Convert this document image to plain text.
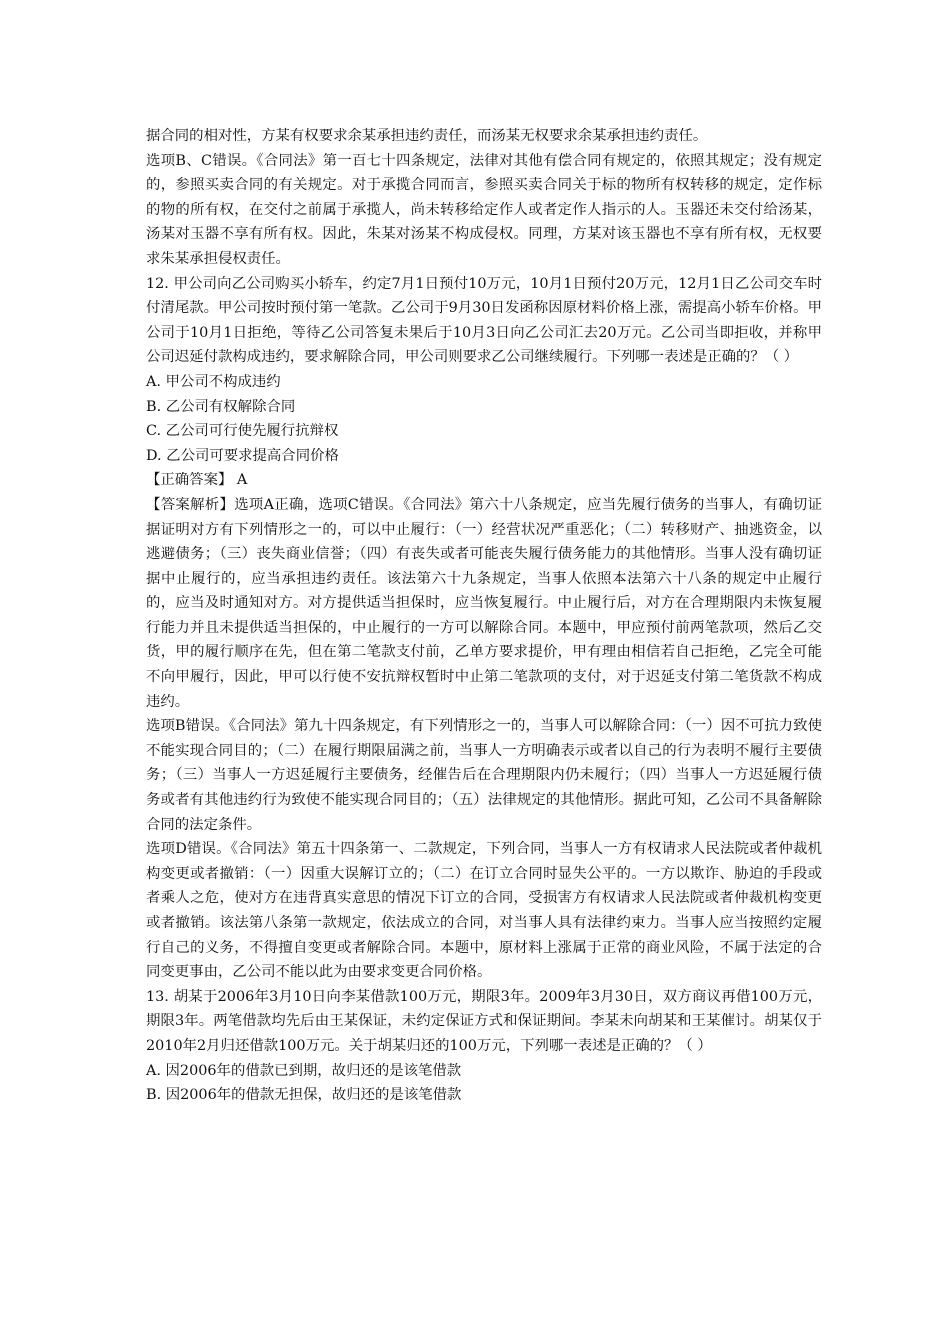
据合同的相对性，方某有权要求余某承担违约责任，而汤某无权要求余某承担违约责任。

选项B、C错误。《合同法》第一百七十四条规定，法律对其他有偿合同有规定的，依照其规定；没有规定的，参照买卖合同的有关规定。对于承揽合同而言，参照买卖合同关于标的物所有权转移的规定，定作标的物的所有权，在交付之前属于承揽人，尚未转移给定作人或者定作人指示的人。玉器还未交付给汤某，汤某对玉器不享有所有权。因此，朱某对汤某不构成侵权。同理，方某对该玉器也不享有所有权，无权要求朱某承担侵权责任。

12. 甲公司向乙公司购买小轿车，约定7月1日预付10万元，10月1日预付20万元，12月1日乙公司交车时付清尾款。甲公司按时预付第一笔款。乙公司于9月30日发函称因原材料价格上涨，需提高小轿车价格。甲公司于10月1日拒绝，等待乙公司答复未果后于10月3日向乙公司汇去20万元。乙公司当即拒收，并称甲公司迟延付款构成违约，要求解除合同，甲公司则要求乙公司继续履行。下列哪一表述是正确的？（ ）

A. 甲公司不构成违约

B. 乙公司有权解除合同

C. 乙公司可行使先履行抗辩权

D. 乙公司可要求提高合同价格

【正确答案】 A

【答案解析】选项A正确，选项C错误。《合同法》第六十八条规定，应当先履行债务的当事人，有确切证据证明对方有下列情形之一的，可以中止履行：（一）经营状况严重恶化；（二）转移财产、抽逃资金，以逃避债务；（三）丧失商业信誉；（四）有丧失或者可能丧失履行债务能力的其他情形。当事人没有确切证据中止履行的，应当承担违约责任。该法第六十九条规定，当事人依照本法第六十八条的规定中止履行的，应当及时通知对方。对方提供适当担保时，应当恢复履行。中止履行后，对方在合理期限内未恢复履行能力并且未提供适当担保的，中止履行的一方可以解除合同。本题中，甲应预付前两笔款项，然后乙交货，甲的履行顺序在先，但在第二笔款支付前，乙单方要求提价，甲有理由相信若自己拒绝，乙完全可能不向甲履行，因此，甲可以行使不安抗辩权暂时中止第二笔款项的支付，对于迟延支付第二笔货款不构成违约。

选项B错误。《合同法》第九十四条规定，有下列情形之一的，当事人可以解除合同：（一）因不可抗力致使不能实现合同目的；（二）在履行期限届满之前，当事人一方明确表示或者以自己的行为表明不履行主要债务；（三）当事人一方迟延履行主要债务，经催告后在合理期限内仍未履行；（四）当事人一方迟延履行债务或者有其他违约行为致使不能实现合同目的；（五）法律规定的其他情形。据此可知，乙公司不具备解除合同的法定条件。

选项D错误。《合同法》第五十四条第一、二款规定，下列合同，当事人一方有权请求人民法院或者仲裁机构变更或者撤销：（一）因重大误解订立的；（二）在订立合同时显失公平的。一方以欺诈、胁迫的手段或者乘人之危，使对方在违背真实意思的情况下订立的合同，受损害方有权请求人民法院或者仲裁机构变更或者撤销。该法第八条第一款规定，依法成立的合同，对当事人具有法律约束力。当事人应当按照约定履行自己的义务，不得擅自变更或者解除合同。本题中，原材料上涨属于正常的商业风险，不属于法定的合同变更事由，乙公司不能以此为由要求变更合同价格。

13. 胡某于2006年3月10日向李某借款100万元，期限3年。2009年3月30日，双方商议再借100万元，期限3年。两笔借款均先后由王某保证，未约定保证方式和保证期间。李某未向胡某和王某催讨。胡某仅于2010年2月归还借款100万元。关于胡某归还的100万元，下列哪一表述是正确的？（ ）

A. 因2006年的借款已到期，故归还的是该笔借款

B. 因2006年的借款无担保，故归还的是该笔借款
